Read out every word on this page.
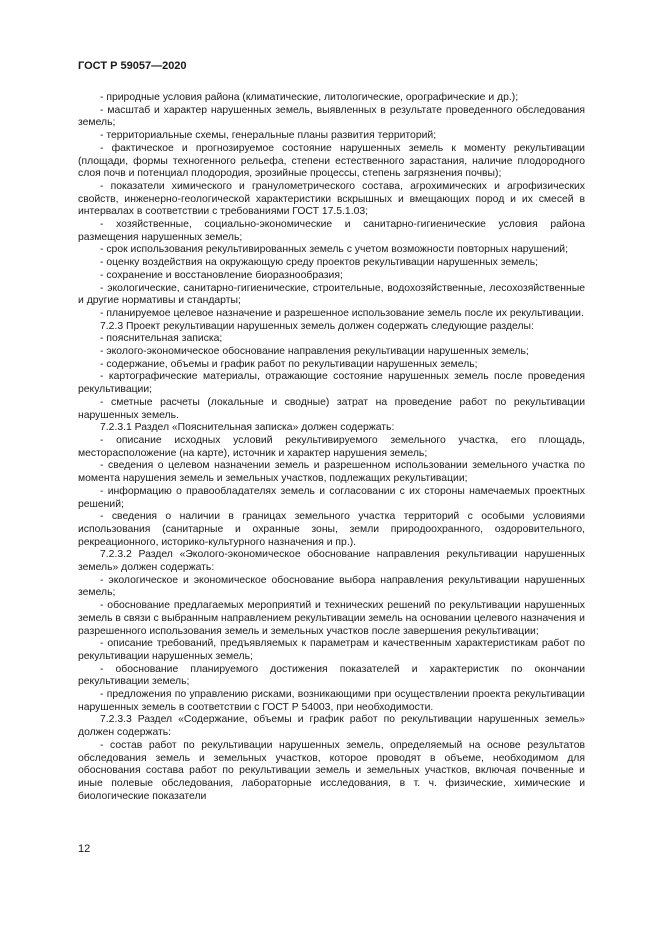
ГОСТ Р 59057—2020

- природные условия района (климатические, литологические, орографические и др.);

- масштаб и характер нарушенных земель, выявленных в результате проведенного обследования земель;

- территориальные схемы, генеральные планы развития территорий;

- фактическое и прогнозируемое состояние нарушенных земель к моменту рекультивации (площади, формы техногенного рельефа, степени естественного зарастания, наличие плодородного слоя почв и потенциал плодородия, эрозийные процессы, степень загрязнения почвы);

- показатели химического и гранулометрического состава, агрохимических и агрофизических свойств, инженерно-геологической характеристики вскрышных и вмещающих пород и их смесей в интервалах в соответствии с требованиями ГОСТ 17.5.1.03;

- хозяйственные, социально-экономические и санитарно-гигиенические условия района размещения нарушенных земель;

- срок использования рекультивированных земель с учетом возможности повторных нарушений;

- оценку воздействия на окружающую среду проектов рекультивации нарушенных земель;

- сохранение и восстановление биоразнообразия;

- экологические, санитарно-гигиенические, строительные, водохозяйственные, лесохозяйственные и другие нормативы и стандарты;

- планируемое целевое назначение и разрешенное использование земель после их рекультивации.

7.2.3 Проект рекультивации нарушенных земель должен содержать следующие разделы:

- пояснительная записка;

- эколого-экономическое обоснование направления рекультивации нарушенных земель;

- содержание, объемы и график работ по рекультивации нарушенных земель;

- картографические материалы, отражающие состояние нарушенных земель после проведения рекультивации;

- сметные расчеты (локальные и сводные) затрат на проведение работ по рекультивации нарушенных земель.

7.2.3.1 Раздел «Пояснительная записка» должен содержать:

- описание исходных условий рекультивируемого земельного участка, его площадь, месторасположение (на карте), источник и характер нарушения земель;

- сведения о целевом назначении земель и разрешенном использовании земельного участка по момента нарушения земель и земельных участков, подлежащих рекультивации;

- информацию о правообладателях земель и согласовании с их стороны намечаемых проектных решений;

- сведения о наличии в границах земельного участка территорий с особыми условиями использования (санитарные и охранные зоны, земли природоохранного, оздоровительного, рекреационного, историко-культурного назначения и пр.).

7.2.3.2 Раздел «Эколого-экономическое обоснование направления рекультивации нарушенных земель» должен содержать:

- экологическое и экономическое обоснование выбора направления рекультивации нарушенных земель;

- обоснование предлагаемых мероприятий и технических решений по рекультивации нарушенных земель в связи с выбранным направлением рекультивации земель на основании целевого назначения и разрешенного использования земель и земельных участков после завершения рекультивации;

- описание требований, предъявляемых к параметрам и качественным характеристикам работ по рекультивации нарушенных земель;

- обоснование планируемого достижения показателей и характеристик по окончании рекультивации земель;

- предложения по управлению рисками, возникающими при осуществлении проекта рекультивации нарушенных земель в соответствии с ГОСТ Р 54003, при необходимости.

7.2.3.3 Раздел «Содержание, объемы и график работ по рекультивации нарушенных земель» должен содержать:

- состав работ по рекультивации нарушенных земель, определяемый на основе результатов обследования земель и земельных участков, которое проводят в объеме, необходимом для обоснования состава работ по рекультивации земель и земельных участков, включая почвенные и иные полевые обследования, лабораторные исследования, в т. ч. физические, химические и биологические показатели

12
